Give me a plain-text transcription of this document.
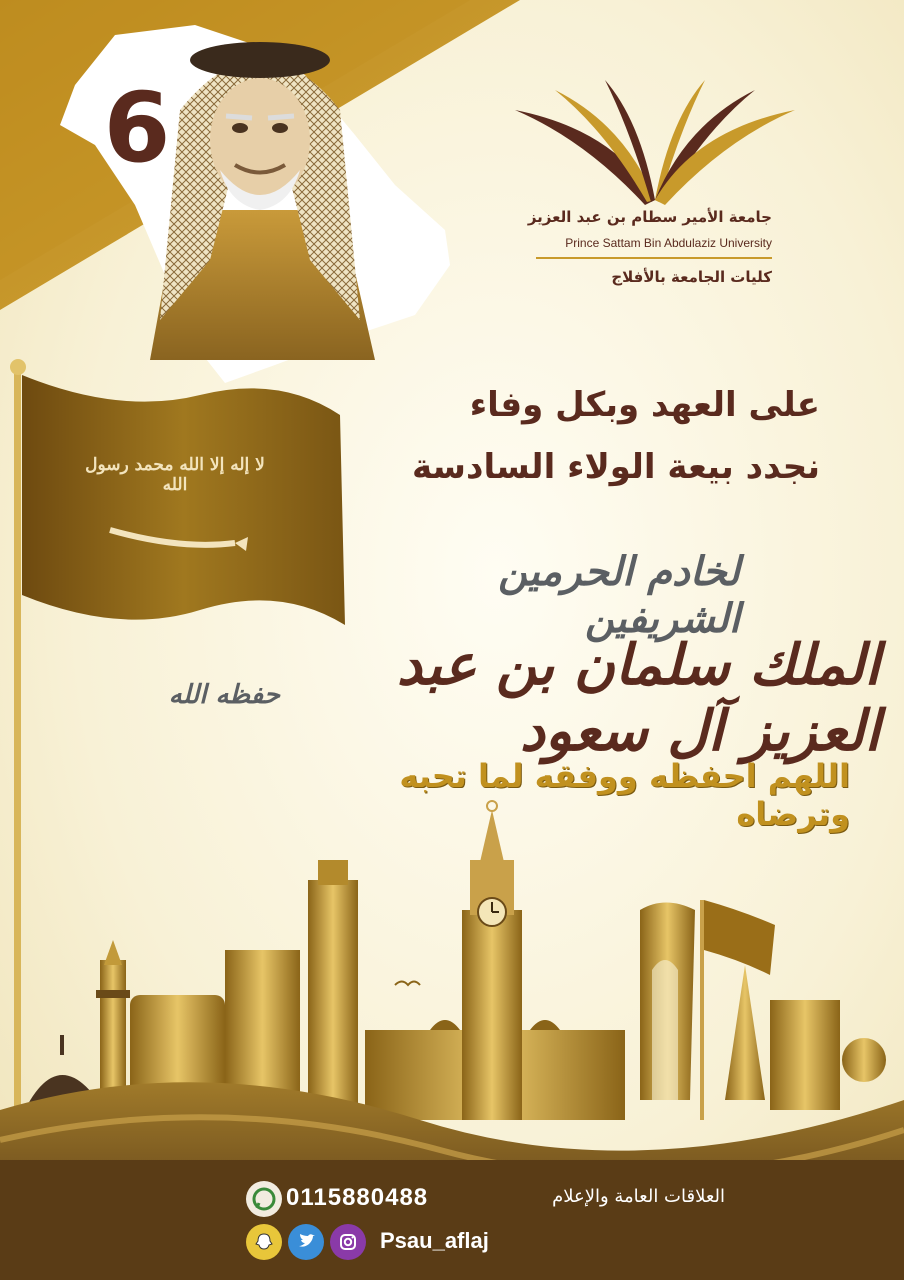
6
جامعة الأمير سطام بن عبد العزيز
Prince Sattam Bin Abdulaziz University
كليات الجامعة بالأفلاج
لا إله إلا الله محمد رسول الله
على العهد وبكل وفاء
نجدد بيعة الولاء السادسة
لخادم الحرمين الشريفين
الملك سلمان بن عبد العزيز آل سعود
حفظه الله
اللهم احفظه ووفقه لما تحبه وترضاه
0115880488	العلاقات العامة والإعلام
Psau_aflaj
